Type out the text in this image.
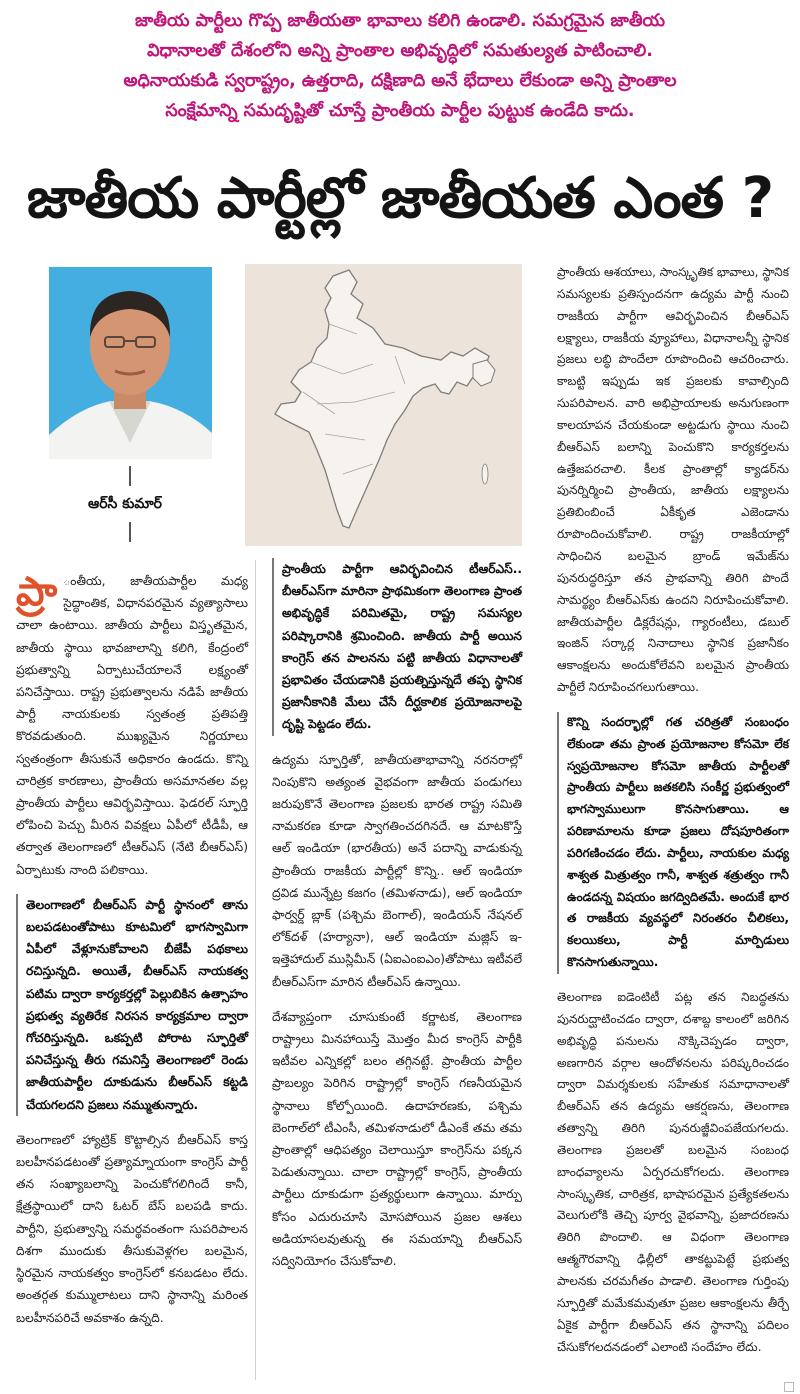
జాతీయ పార్టీలు గొప్ప జాతీయతా భావాలు కలిగి ఉండాలి. సమగ్రమైన జాతీయ
విధానాలతో దేశంలోని అన్ని ప్రాంతాల అభివృద్ధిలో సమతుల్యత పాటించాలి.
అధినాయకుడి స్వరాష్ట్రం, ఉత్తరాది, దక్షిణాది అనే భేదాలు లేకుండా అన్ని ప్రాంతాల
సంక్షేమాన్ని సమదృష్టితో చూస్తే ప్రాంతీయ పార్టీల పుట్టుక ఉండేది కాదు.
జాతీయ పార్టీల్లో జాతీయత ఎంత ?
ఆర్‌సీ కుమార్

ప్రా ంతీయ, జాతీయపార్టీల మధ్య సైద్ధాంతిక, విధానపరమైన వ్యత్యాసాలు చాలా ఉంటాయి. జాతీయ పార్టీలు విస్తృతమైన, జాతీయ స్థాయి భావజాలాన్ని కలిగి, కేంద్రంలో ప్రభుత్వాన్ని ఏర్పాటుచేయాలనే లక్ష్యంతో పనిచేస్తాయి. రాష్ట్ర ప్రభుత్వాలను నడిపే జాతీయ పార్టీ నాయకులకు స్వతంత్ర ప్రతిపత్తి కొరవడుతుంది. ముఖ్యమైన నిర్ణయాలు స్వతంత్రంగా తీసుకునే అధికారం ఉండదు. కొన్ని చారిత్రక కారణాలు, ప్రాంతీయ అసమానతల వల్ల ప్రాంతీయ పార్టీలు ఆవిర్భవిస్తాయి. ఫెడరల్ స్ఫూర్తి లోపించి పెచ్చు మీరిన వివక్షలు ఏపీలో టీడీపీ, ఆ తర్వాత తెలంగాణలో టీఆర్ఎస్ (నేటి బీఆర్ఎస్) ఏర్పాటుకు నాంది పలికాయి.

తెలంగాణలో బీఆర్ఎస్ పార్టీ స్థానంలో తాను బలపడటంతోపాటు కూటమిలో భాగస్వామిగా ఏపీలో వేళ్లూనుకోవాలని బీజేపీ పథకాలు రచిస్తున్నది. అయితే, బీఆర్ఎస్ నాయకత్వ పటిమ ద్వారా కార్యకర్తల్లో పెల్లుబికిన ఉత్సాహం ప్రభుత్వ వ్యతిరేక నిరసన కార్యక్రమాల ద్వారా గోచరిస్తున్నది. ఒకప్పటి పోరాట స్ఫూర్తితో పనిచేస్తున్న తీరు గమనిస్తే తెలంగాణలో రెండు జాతీయపార్టీల దూకుడును బీఆర్ఎస్ కట్టడి చేయగలదని ప్రజలు నమ్ముతున్నారు.

తెలంగాణలో హ్యాట్రిక్ కొట్టాల్సిన బీఆర్ఎస్ కాస్త బలహీనపడటంతో ప్రత్యామ్నాయంగా కాంగ్రెస్ పార్టీ తన సంఖ్యాబలాన్ని పెంచుకోగలిగిందే కానీ, క్షేత్రస్థాయిలో దాని ఓటర్ బేస్ బలపడి కాదు. పార్టీని, ప్రభుత్వాన్ని సమర్థవంతంగా సుపరిపాలన దిశగా ముందుకు తీసుకువెళ్లగల బలమైన, స్థిరమైన నాయకత్వం కాంగ్రెస్‌లో కనబడటం లేదు. అంతర్గత కుమ్ములాటలు దాని స్థానాన్ని మరింత బలహీనపరిచే అవకాశం ఉన్నది.

ప్రాంతీయ పార్టీగా ఆవిర్భవించిన టీఆర్ఎస్.. బీఆర్ఎస్‌గా మారినా ప్రాథమికంగా తెలంగాణ ప్రాంత అభివృద్ధికే పరిమితమై, రాష్ట్ర సమస్యల పరిష్కారానికి శ్రమించింది. జాతీయ పార్టీ అయిన కాంగ్రెస్ తన పాలనను పట్టి జాతీయ విధానాలతో ప్రభావితం చేయడానికి ప్రయత్నిస్తున్నదే తప్ప స్థానిక ప్రజానీకానికి మేలు చేసే దీర్ఘకాలిక ప్రయోజనాలపై దృష్టి పెట్టడం లేదు.

ఉద్యమ స్ఫూర్తితో, జాతీయతాభావాన్ని నరనరాల్లో నింపుకొని అత్యంత వైభవంగా జాతీయ పండుగలు జరుపుకొనే తెలంగాణ ప్రజలకు భారత రాష్ట్ర సమితి నామకరణ కూడా స్వాగతించదగినదే. ఆ మాటకొస్తే ఆల్ ఇండియా (భారతీయ) అనే పదాన్ని వాడుకున్న ప్రాంతీయ రాజకీయ పార్టీల్లో కొన్ని.. ఆల్ ఇండియా ద్రవిడ మున్నేట్ర కజగం (తమిళనాడు), ఆల్ ఇండియా ఫార్వర్డ్ బ్లాక్ (పశ్చిమ బెంగాల్), ఇండియన్ నేషనల్ లోక్‌దళ్ (హర్యానా), ఆల్ ఇండియా మజ్లిస్ ఇ- ఇత్తెహాదుల్ ముస్లిమీన్ (ఏఐఎంఐఎం)తోపాటు ఇటీవలే బీఆర్ఎస్‌గా మారిన టీఆర్ఎస్ ఉన్నాయి.

దేశవ్యాప్తంగా చూసుకుంటే కర్ణాటక, తెలంగాణ రాష్ట్రాలు మినహాయిస్తే మొత్తం మీద కాంగ్రెస్ పార్టీకి ఇటీవల ఎన్నికల్లో బలం తగ్గినట్టే. ప్రాంతీయ పార్టీల ప్రాబల్యం పెరిగిన రాష్ట్రాల్లో కాంగ్రెస్ గణనీయమైన స్థానాలు కోల్పోయింది. ఉదాహరణకు, పశ్చిమ బెంగాల్‌లో టీఎంసీ, తమిళనాడులో డీఎంకే తమ తమ ప్రాంతాల్లో ఆధిపత్యం చెలాయిస్తూ కాంగ్రెస్‌ను పక్కన పెడుతున్నాయి. చాలా రాష్ట్రాల్లో కాంగ్రెస్, ప్రాంతీయ పార్టీలు దూకుడుగా ప్రత్యర్థులుగా ఉన్నాయి. మార్పు కోసం ఎదురుచూసి మోసపోయిన ప్రజల ఆశలు అడియాసలవుతున్న ఈ సమయాన్ని బీఆర్ఎస్ సద్వినియోగం చేసుకోవాలి.

ప్రాంతీయ ఆశయాలు, సాంస్కృతిక భావాలు, స్థానిక సమస్యలకు ప్రతిస్పందనగా ఉద్యమ పార్టీ నుంచి రాజకీయ పార్టీగా ఆవిర్భవించిన బీఆర్ఎస్ లక్ష్యాలు, రాజకీయ వ్యూహాలు, విధానాలన్నీ స్థానిక ప్రజలు లబ్ధి పొందేలా రూపొందించి ఆచరించారు. కాబట్టి ఇప్పుడు ఇక ప్రజలకు కావాల్సింది సుపరిపాలన. వారి అభిప్రాయాలకు అనుగుణంగా కాలయాపన చేయకుండా అట్టడుగు స్థాయి నుంచి బీఆర్ఎస్ బలాన్ని పెంచుకొని కార్యకర్తలను ఉత్తేజపరచాలి. కీలక ప్రాంతాల్లో క్యాడర్‌ను పునర్నిర్మించి ప్రాంతీయ, జాతీయ లక్ష్యాలను ప్రతిబింబించే ఏకీకృత ఎజెండాను రూపొందించుకోవాలి. రాష్ట్ర రాజకీయాల్లో సాధించిన బలమైన బ్రాండ్ ఇమేజ్‌ను పునరుద్ధరిస్తూ తన ప్రాభవాన్ని తిరిగి పొందే సామర్థ్యం బీఆర్ఎస్‌కు ఉందని నిరూపించుకోవాలి. జాతీయపార్టీల డిక్లరేషన్లు, గ్యారంటీలు, డబుల్ ఇంజిన్ సర్కార్ల నినాదాలు స్థానిక ప్రజానీకం ఆకాంక్షలను అందుకోలేవని బలమైన ప్రాంతీయ పార్టీలే నిరూపించగలుగుతాయి.

కొన్ని సందర్భాల్లో గత చరిత్రతో సంబంధం లేకుండా తమ ప్రాంత ప్రయోజనాల కోసమో లేక స్వప్రయోజనాల కోసమో జాతీయ పార్టీలతో ప్రాంతీయ పార్టీలు జతకలిసి సంకీర్ణ ప్రభుత్వంలో భాగస్వాములుగా కొనసాగుతాయి. ఆ పరిణామాలను కూడా ప్రజలు దోషపూరితంగా పరిగణించడం లేదు. పార్టీలు, నాయకుల మధ్య శాశ్వత మిత్రుత్వం గానీ, శాశ్వత శత్రుత్వం గానీ ఉండదన్న విషయం జగద్విదితమే. అందుకే భార త రాజకీయ వ్యవస్థలో నిరంతరం చీలికలు, కలయికలు, పార్టీ మార్పిడులు కొనసాగుతున్నాయి.

తెలంగాణ ఐడెంటిటీ పట్ల తన నిబద్ధతను పునరుద్ఘాటించడం ద్వారా, దశాబ్ద కాలంలో జరిగిన అభివృద్ధి పనులను నొక్కిచెప్పడం ద్వారా, అణగారిన వర్గాల ఆందోళనలను పరిష్కరించడం ద్వారా విమర్శకులకు సహేతుక సమాధానాలతో బీఆర్ఎస్ తన ఉద్యమ ఆకర్షణను, తెలంగాణ తత్వాన్ని తిరిగి పునరుజ్జీవింపజేయగలదు. తెలంగాణ ప్రజలతో బలమైన సంబంధ బాంధవ్యాలను ఏర్పరచుకోగలదు. తెలంగాణ సాంస్కృతిక, చారిత్రక, భాషాపరమైన ప్రత్యేకతలను వెలుగులోకి తెచ్చి పూర్వ వైభవాన్ని, ప్రజాదరణను తిరిగి పొందాలి. ఆ విధంగా తెలంగాణ ఆత్మగౌరవాన్ని ఢిల్లీలో తాకట్టుపెట్టే ప్రభుత్వ పాలనకు చరమగీతం పాడాలి. తెలంగాణ గుర్తింపు స్ఫూర్తితో మమేకమవుతూ ప్రజల ఆకాంక్షలను తీర్చే ఏకైక పార్టీగా బీఆర్ఎస్ తన స్థానాన్ని పదిలం చేసుకోగలదనడంలో ఎలాంటి సందేహం లేదు.
